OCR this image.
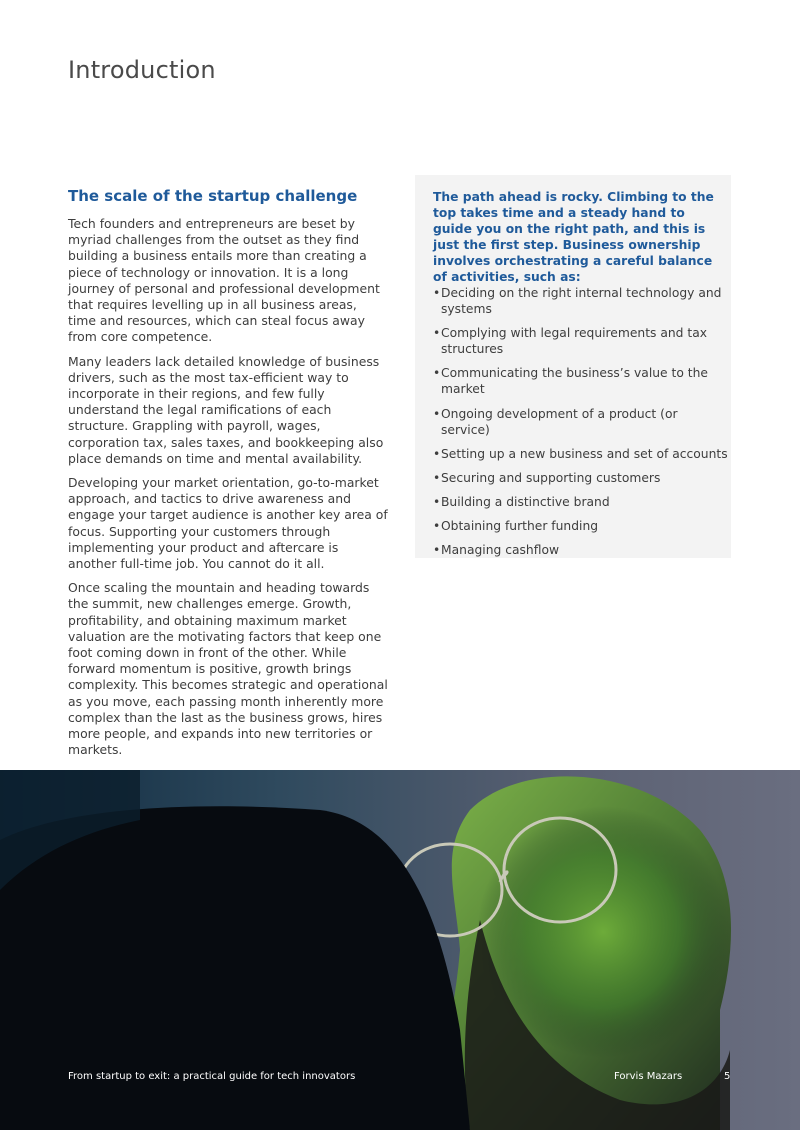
Introduction
The scale of the startup challenge

Tech founders and entrepreneurs are beset by myriad challenges from the outset as they find building a business entails more than creating a piece of technology or innovation. It is a long journey of personal and professional development that requires levelling up in all business areas, time and resources, which can steal focus away from core competence.

Many leaders lack detailed knowledge of business drivers, such as the most tax-efficient way to incorporate in their regions, and few fully understand the legal ramifications of each structure. Grappling with payroll, wages, corporation tax, sales taxes, and bookkeeping also place demands on time and mental availability.

Developing your market orientation, go-to-market approach, and tactics to drive awareness and engage your target audience is another key area of focus. Supporting your customers through implementing your product and aftercare is another full-time job. You cannot do it all.

Once scaling the mountain and heading towards the summit, new challenges emerge. Growth, profitability, and obtaining maximum market valuation are the motivating factors that keep one foot coming down in front of the other. While forward momentum is positive, growth brings complexity. This becomes strategic and operational as you move, each passing month inherently more complex than the last as the business grows, hires more people, and expands into new territories or markets.

The path ahead is rocky. Climbing to the top takes time and a steady hand to guide you on the right path, and this is just the first step. Business ownership involves orchestrating a careful balance of activities, such as:

• Deciding on the right internal technology and systems
• Complying with legal requirements and tax structures
• Communicating the business’s value to the market
• Ongoing development of a product (or service)
• Setting up a new business and set of accounts
• Securing and supporting customers
• Building a distinctive brand
• Obtaining further funding
• Managing cashflow
From startup to exit: a practical guide for tech innovators	Forvis Mazars	5
